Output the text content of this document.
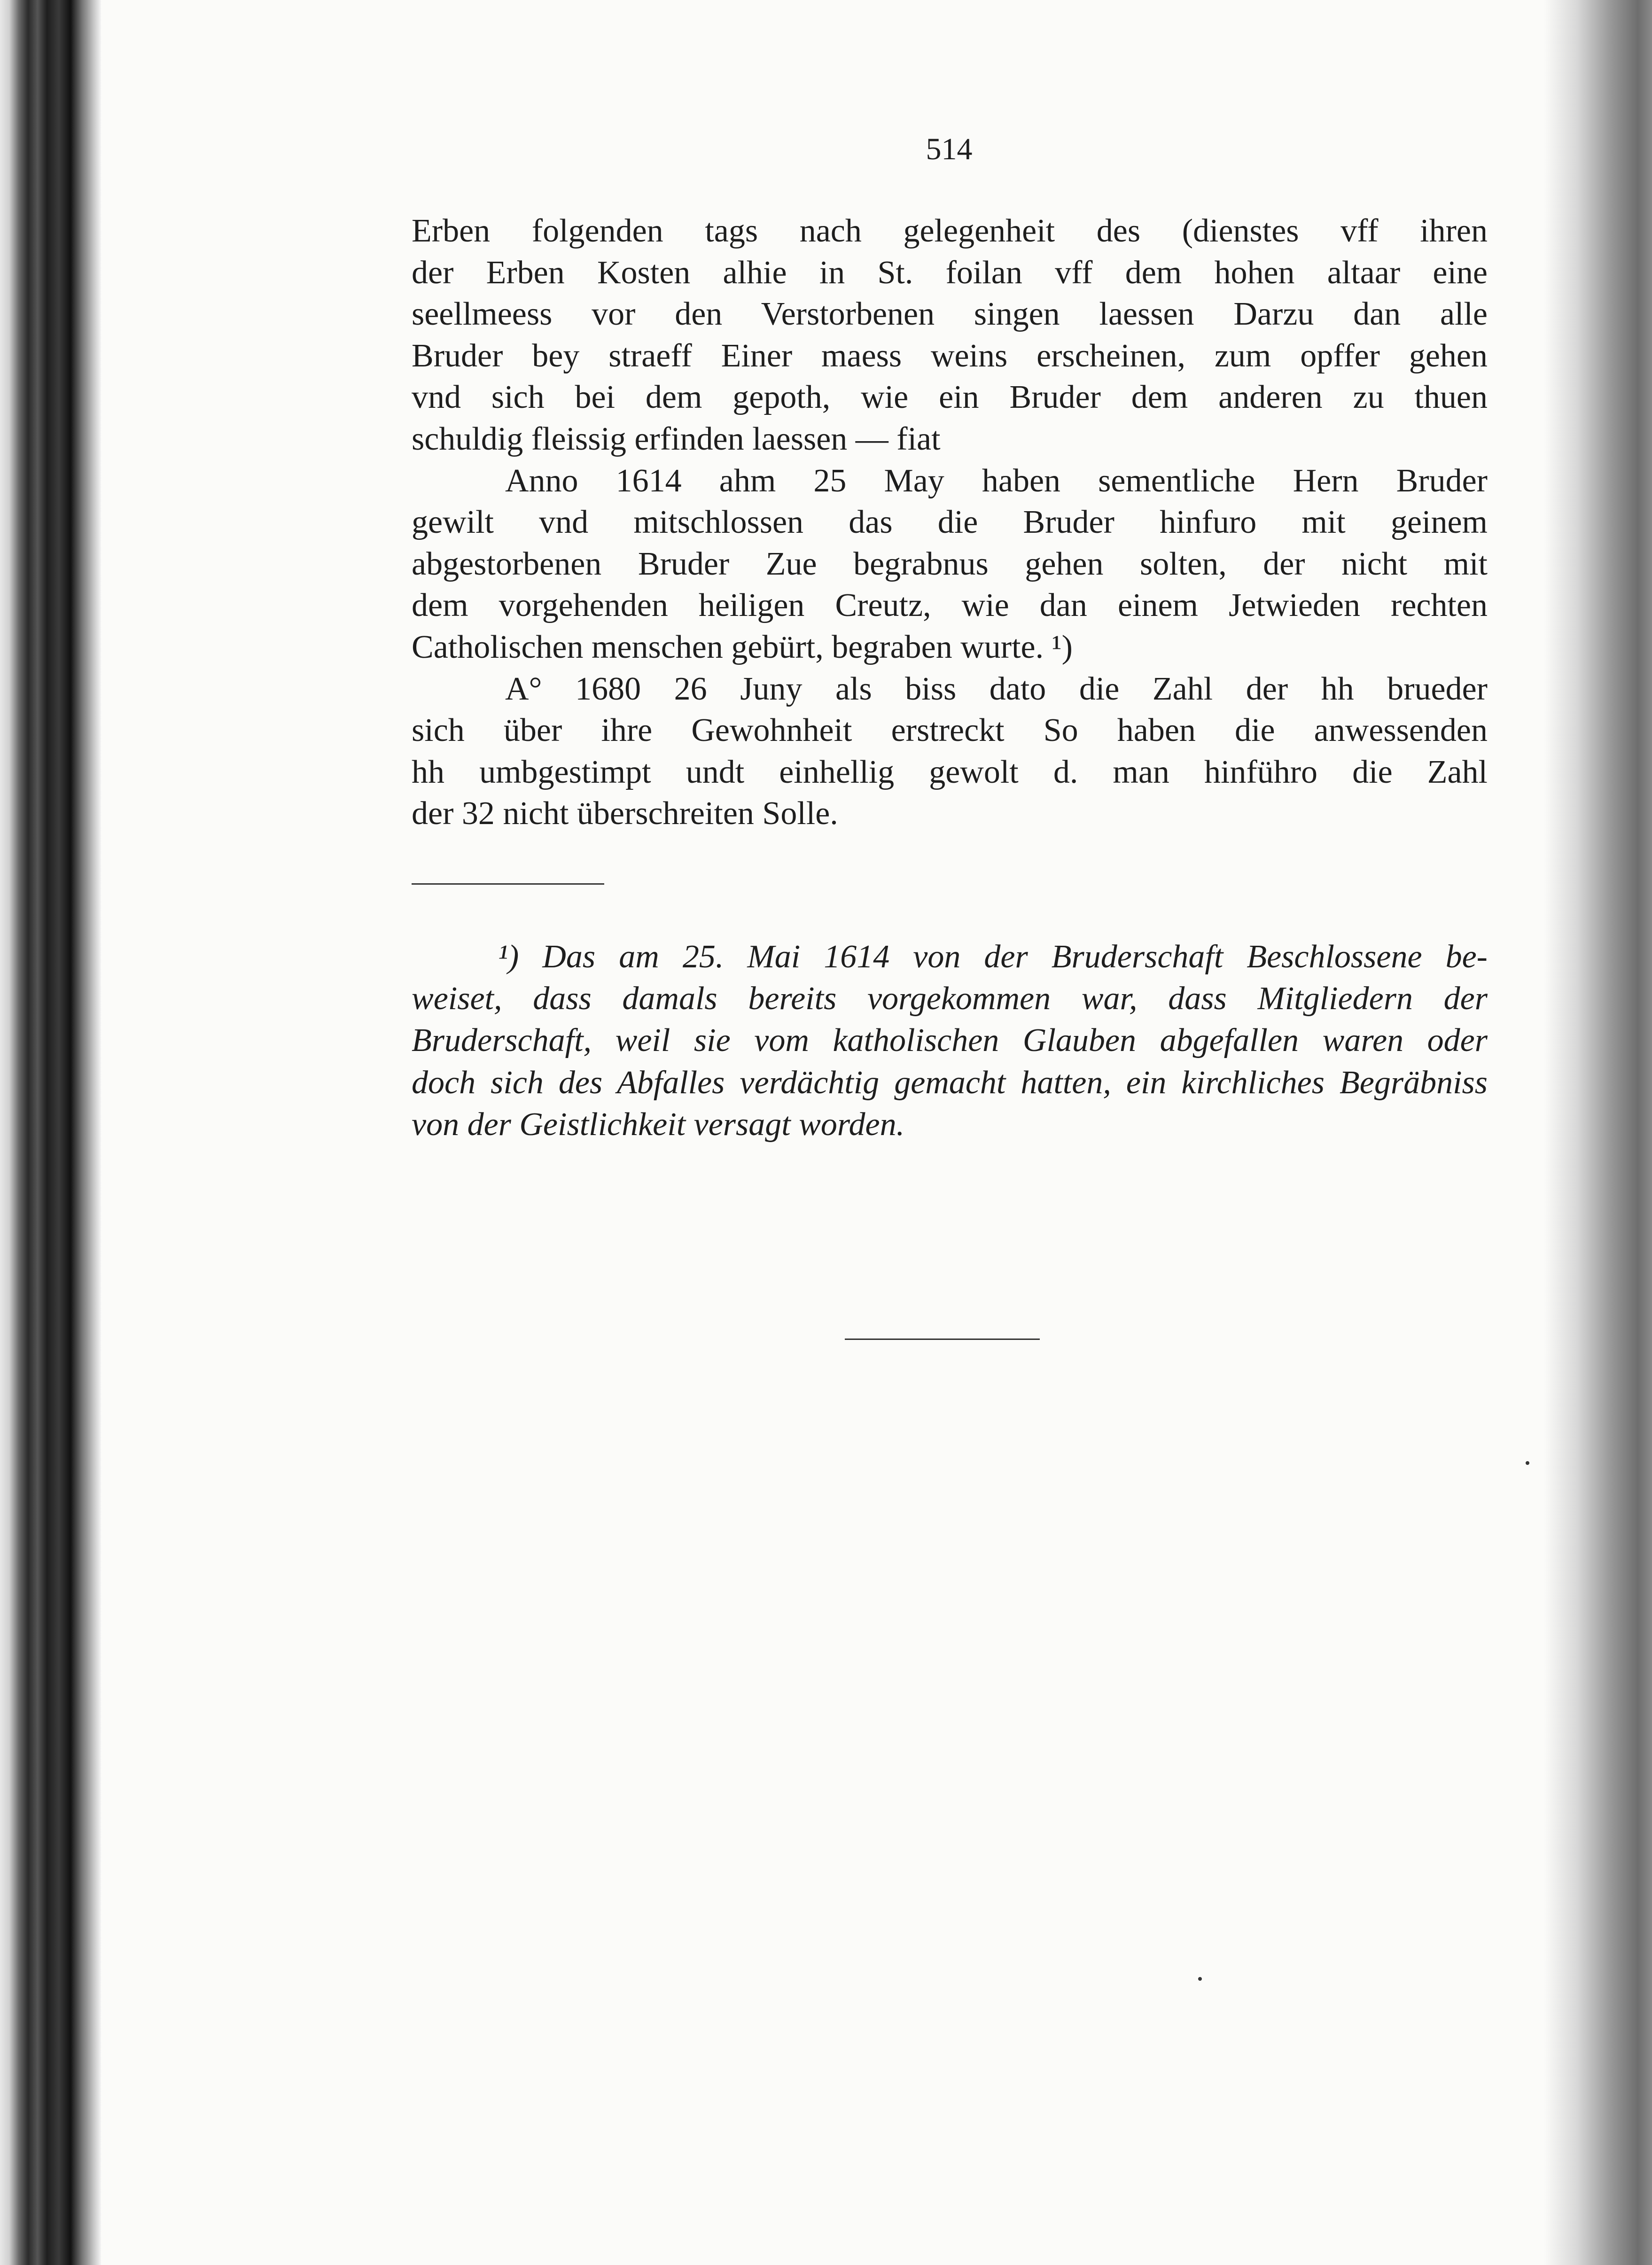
514
Erben folgenden tags nach gelegenheit des (dienstes vff ihren
der Erben Kosten alhie in St. foilan vff dem hohen altaar eine
seellmeess vor den Verstorbenen singen laessen Darzu dan alle
Bruder bey straeff Einer maess weins erscheinen, zum opffer gehen
vnd sich bei dem gepoth, wie ein Bruder dem anderen zu thuen
schuldig fleissig erfinden laessen — fiat
Anno 1614 ahm 25 May haben sementliche Hern Bruder
gewilt vnd mitschlossen das die Bruder hinfuro mit geinem
abgestorbenen Bruder Zue begrabnus gehen solten, der nicht mit
dem vorgehenden heiligen Creutz, wie dan einem Jetwieden rechten
Catholischen menschen gebürt, begraben wurte. ¹)
A° 1680 26 Juny als biss dato die Zahl der hh brueder
sich über ihre Gewohnheit erstreckt So haben die anwessenden
hh umbgestimpt undt einhellig gewolt d. man hinführo die Zahl
der 32 nicht überschreiten Solle.
¹) Das am 25. Mai 1614 von der Bruderschaft Beschlossene be-
weiset, dass damals bereits vorgekommen war, dass Mitgliedern der
Bruderschaft, weil sie vom katholischen Glauben abgefallen waren oder
doch sich des Abfalles verdächtig gemacht hatten, ein kirchliches Begräbniss
von der Geistlichkeit versagt worden.
